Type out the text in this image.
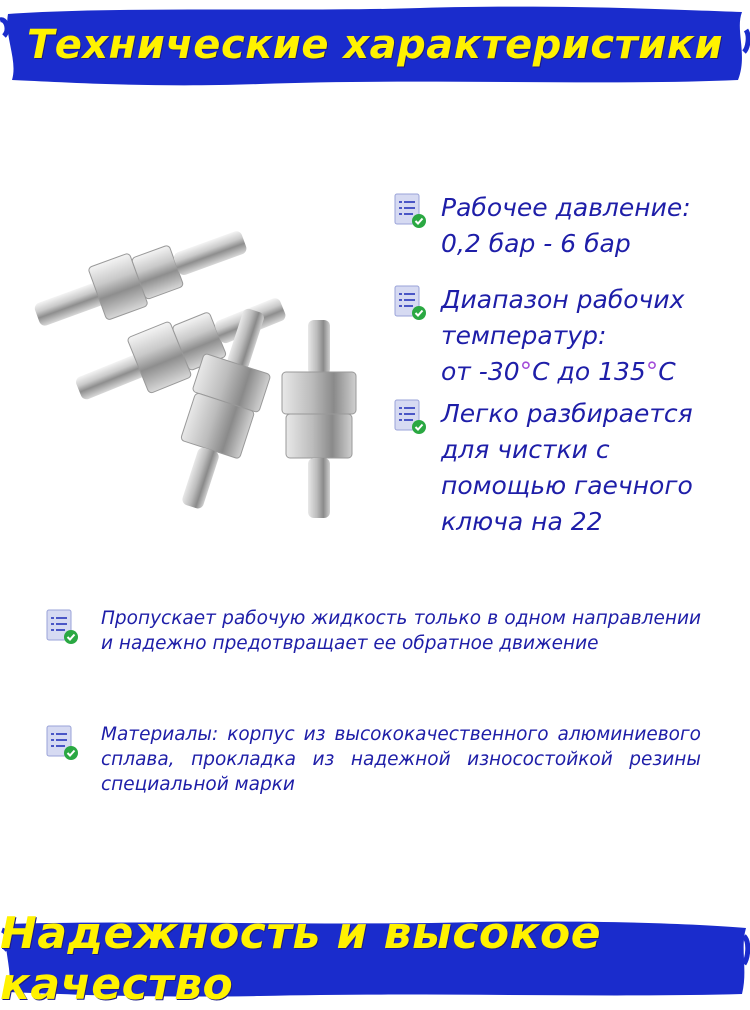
Технические характеристики
Рабочее давление:
0,2 бар - 6 бар
Диапазон рабочих
температур:
от -30°C до 135°C
Легко разбирается
для чистки с
помощью гаечного
ключа на 22
Пропускает рабочую жидкость только в одном направлении и надежно предотвращает ее обратное движение
Материалы: корпус из высококачественного алюминиевого сплава, прокладка из надежной износостойкой резины специальной марки
Надежность и высокое качество
